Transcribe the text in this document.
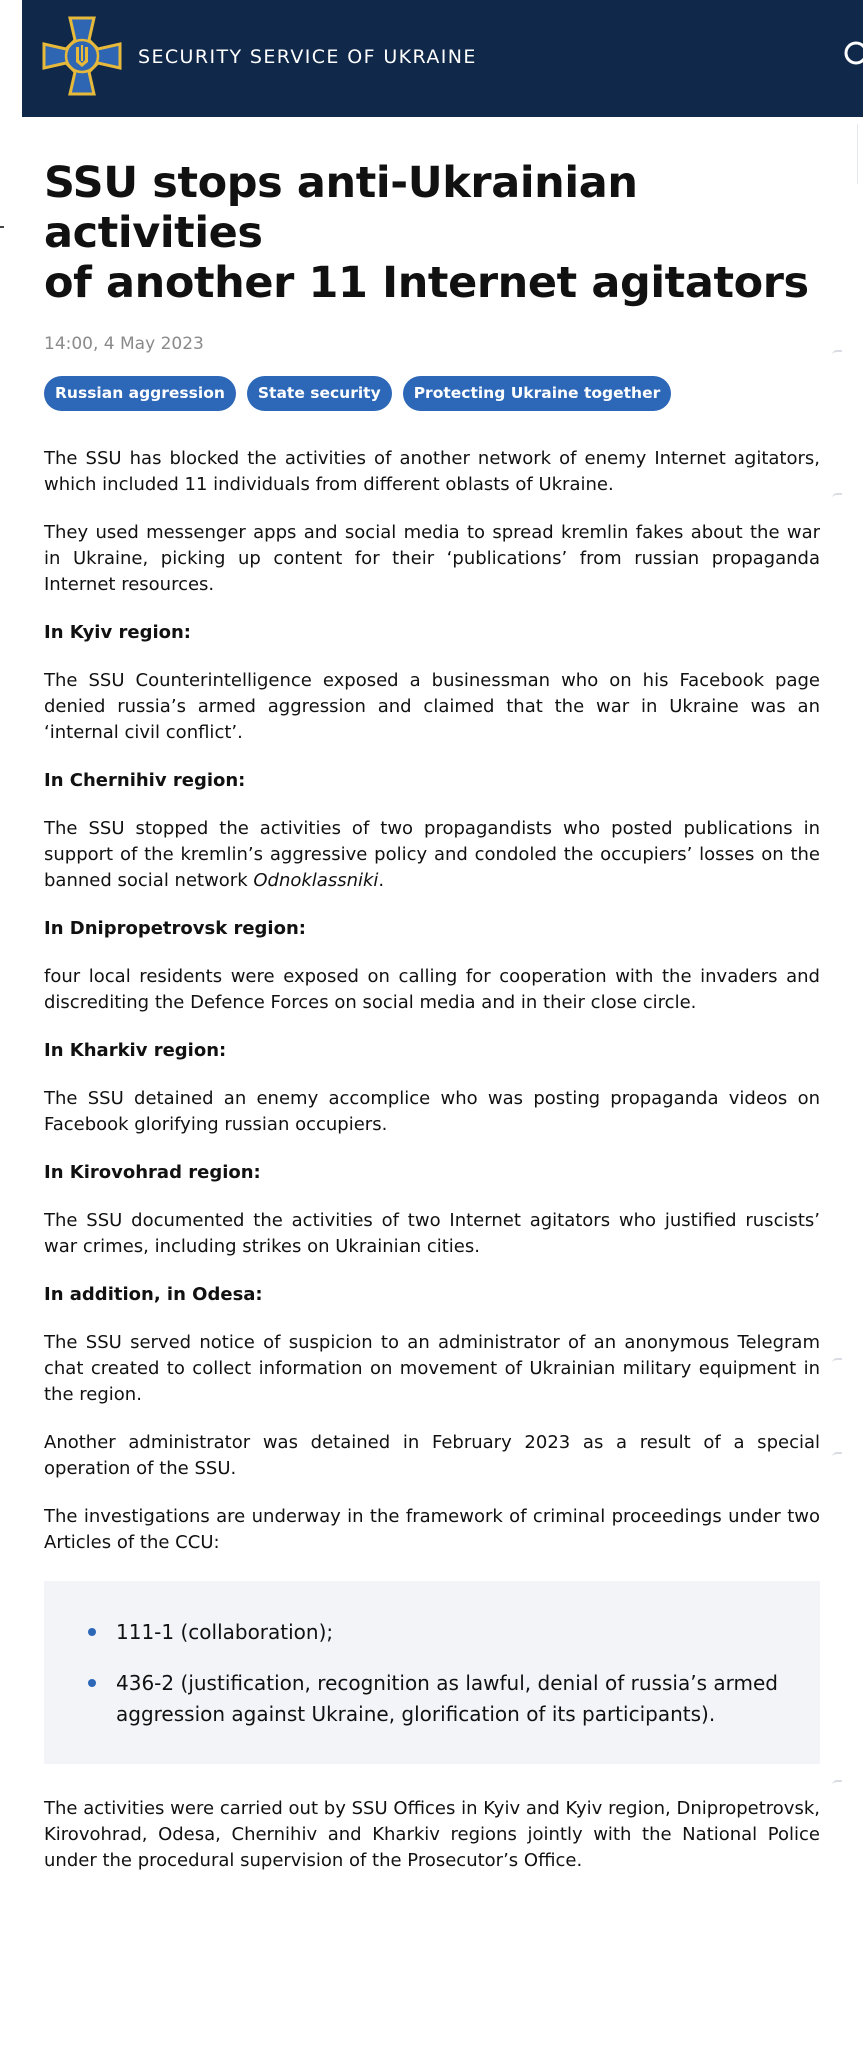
SECURITY SERVICE OF UKRAINE
SSU stops anti-Ukrainian activities
of another 11 Internet agitators
14:00, 4 May 2023
Russian aggression	State security	Protecting Ukraine together

The SSU has blocked the activities of another network of enemy Internet agitators, which included 11 individuals from different oblasts of Ukraine.

They used messenger apps and social media to spread kremlin fakes about the war in Ukraine, picking up content for their ‘publications’ from russian propaganda Internet resources.

In Kyiv region:

The SSU Counterintelligence exposed a businessman who on his Facebook page denied russia’s armed aggression and claimed that the war in Ukraine was an ‘internal civil conflict’.

In Chernihiv region:

The SSU stopped the activities of two propagandists who posted publications in support of the kremlin’s aggressive policy and condoled the occupiers’ losses on the banned social network Odnoklassniki.

In Dnipropetrovsk region:

four local residents were exposed on calling for cooperation with the invaders and discrediting the Defence Forces on social media and in their close circle.

In Kharkiv region:

The SSU detained an enemy accomplice who was posting propaganda videos on Facebook glorifying russian occupiers.

In Kirovohrad region:

The SSU documented the activities of two Internet agitators who justified ruscists’ war crimes, including strikes on Ukrainian cities.

In addition, in Odesa:

The SSU served notice of suspicion to an administrator of an anonymous Telegram chat created to collect information on movement of Ukrainian military equipment in the region.

Another administrator was detained in February 2023 as a result of a special operation of the SSU.

The investigations are underway in the framework of criminal proceedings under two Articles of the CCU:

111-1 (collaboration);
436-2 (justification, recognition as lawful, denial of russia’s armed aggression against Ukraine, glorification of its participants).

The activities were carried out by SSU Offices in Kyiv and Kyiv region, Dnipropetrovsk, Kirovohrad, Odesa, Chernihiv and Kharkiv regions jointly with the National Police under the procedural supervision of the Prosecutor’s Office.
